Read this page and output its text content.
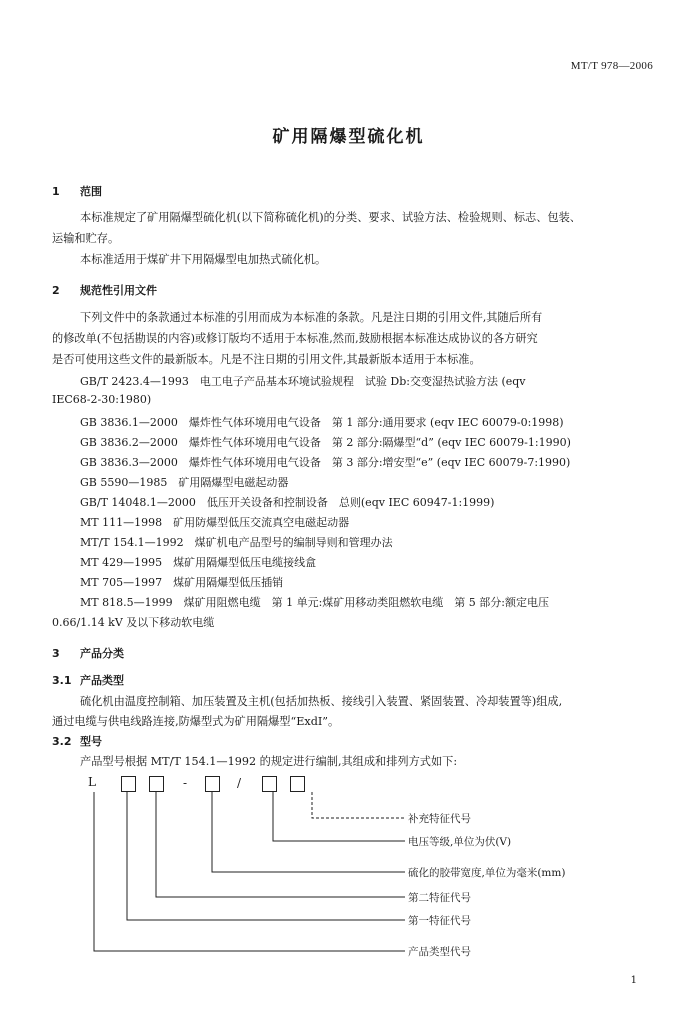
MT/T 978—2006
矿用隔爆型硫化机
1 范围
本标准规定了矿用隔爆型硫化机(以下简称硫化机)的分类、要求、试验方法、检验规则、标志、包装、
运输和贮存。
本标准适用于煤矿井下用隔爆型电加热式硫化机。
2 规范性引用文件
下列文件中的条款通过本标准的引用而成为本标准的条款。凡是注日期的引用文件,其随后所有
的修改单(不包括勘误的内容)或修订版均不适用于本标准,然而,鼓励根据本标准达成协议的各方研究
是否可使用这些文件的最新版本。凡是不注日期的引用文件,其最新版本适用于本标准。
GB/T 2423.4—1993　电工电子产品基本环境试验规程　试验 Db:交变湿热试验方法 (eqv
IEC68-2-30:1980)
GB 3836.1—2000　爆炸性气体环境用电气设备　第 1 部分:通用要求 (eqv IEC 60079-0:1998)
GB 3836.2—2000　爆炸性气体环境用电气设备　第 2 部分:隔爆型“d” (eqv IEC 60079-1:1990)
GB 3836.3—2000　爆炸性气体环境用电气设备　第 3 部分:增安型“e” (eqv IEC 60079-7:1990)
GB 5590—1985　矿用隔爆型电磁起动器
GB/T 14048.1—2000　低压开关设备和控制设备　总则(eqv IEC 60947-1:1999)
MT 111—1998　矿用防爆型低压交流真空电磁起动器
MT/T 154.1—1992　煤矿机电产品型号的编制导则和管理办法
MT 429—1995　煤矿用隔爆型低压电缆接线盒
MT 705—1997　煤矿用隔爆型低压插销
MT 818.5—1999　煤矿用阻燃电缆　第 1 单元:煤矿用移动类阻燃软电缆　第 5 部分:额定电压
0.66/1.14 kV 及以下移动软电缆
3 产品分类
3.1 产品类型
硫化机由温度控制箱、加压装置及主机(包括加热板、接线引入装置、紧固装置、冷却装置等)组成,
通过电缆与供电线路连接,防爆型式为矿用隔爆型“ExdI”。
3.2 型号
产品型号根据 MT/T 154.1—1992 的规定进行编制,其组成和排列方式如下:
L	-	/
补充特征代号
电压等级,单位为伏(V)
硫化的胶带宽度,单位为毫米(mm)
第二特征代号
第一特征代号
产品类型代号
1
